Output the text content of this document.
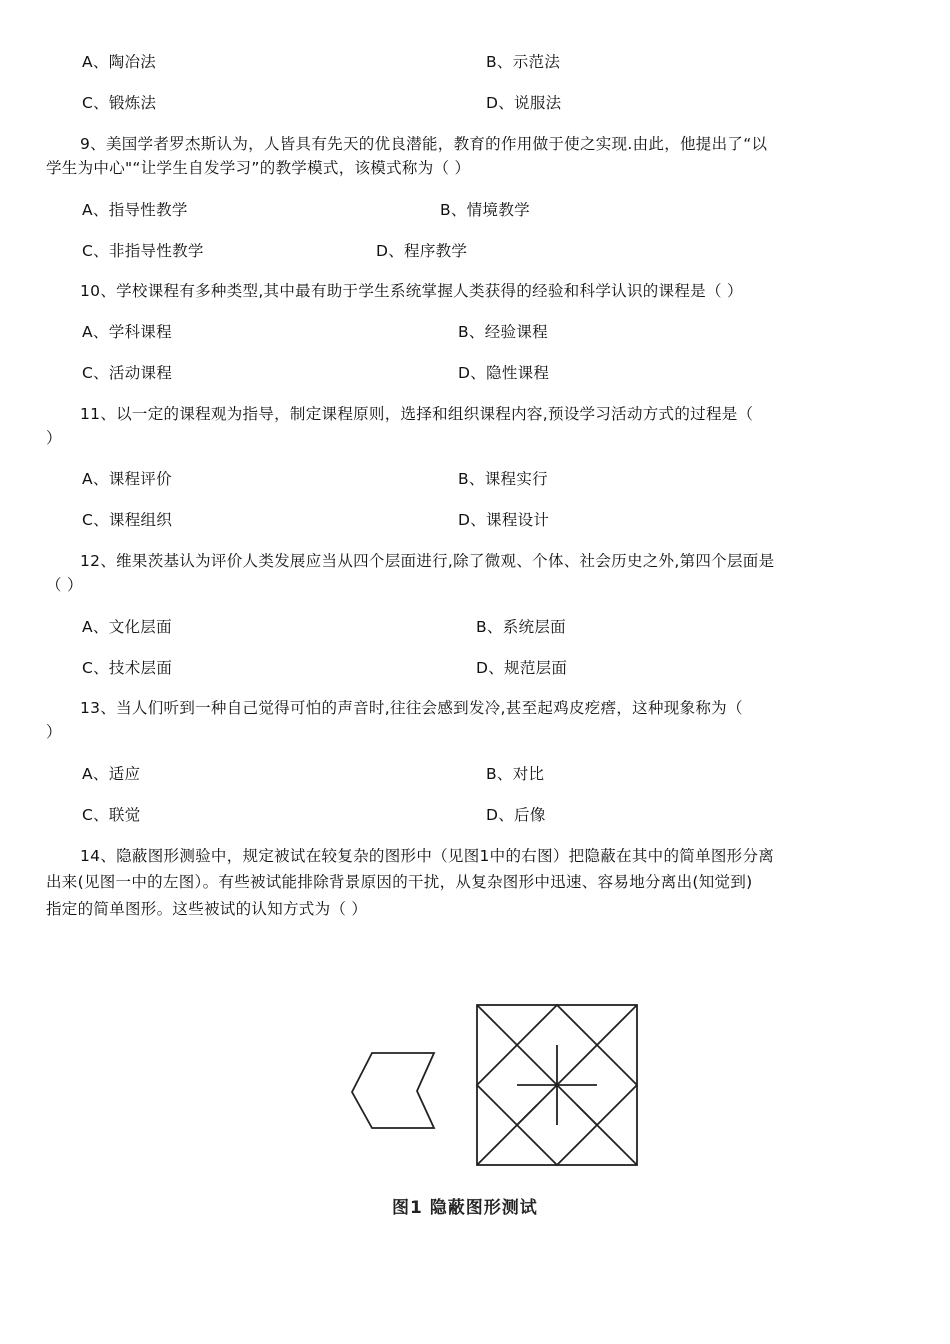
A、陶冶法	B、示范法
C、锻炼法	D、说服法
9、美国学者罗杰斯认为，人皆具有先天的优良潜能，教育的作用做于使之实现.由此，他提出了“以
学生为中心"“让学生自发学习”的教学模式，该模式称为（ ）
A、指导性教学	B、情境教学
C、非指导性教学	D、程序教学
10、学校课程有多种类型,其中最有助于学生系统掌握人类获得的经验和科学认识的课程是（ ）
A、学科课程	B、经验课程
C、活动课程	D、隐性课程
11、以一定的课程观为指导，制定课程原则，选择和组织课程内容,预设学习活动方式的过程是（
）
A、课程评价	B、课程实行
C、课程组织	D、课程设计
12、维果茨基认为评价人类发展应当从四个层面进行,除了微观、个体、社会历史之外,第四个层面是
（ ）
A、文化层面	B、系统层面
C、技术层面	D、规范层面
13、当人们听到一种自己觉得可怕的声音时,往往会感到发冷,甚至起鸡皮疙瘩，这种现象称为（
）
A、适应	B、对比
C、联觉	D、后像
14、隐蔽图形测验中，规定被试在较复杂的图形中（见图1中的右图）把隐蔽在其中的简单图形分离
出来(见图一中的左图）。有些被试能排除背景原因的干扰，从复杂图形中迅速、容易地分离出(知觉到)
指定的简单图形。这些被试的认知方式为（ ）
图1 隐蔽图形测试
